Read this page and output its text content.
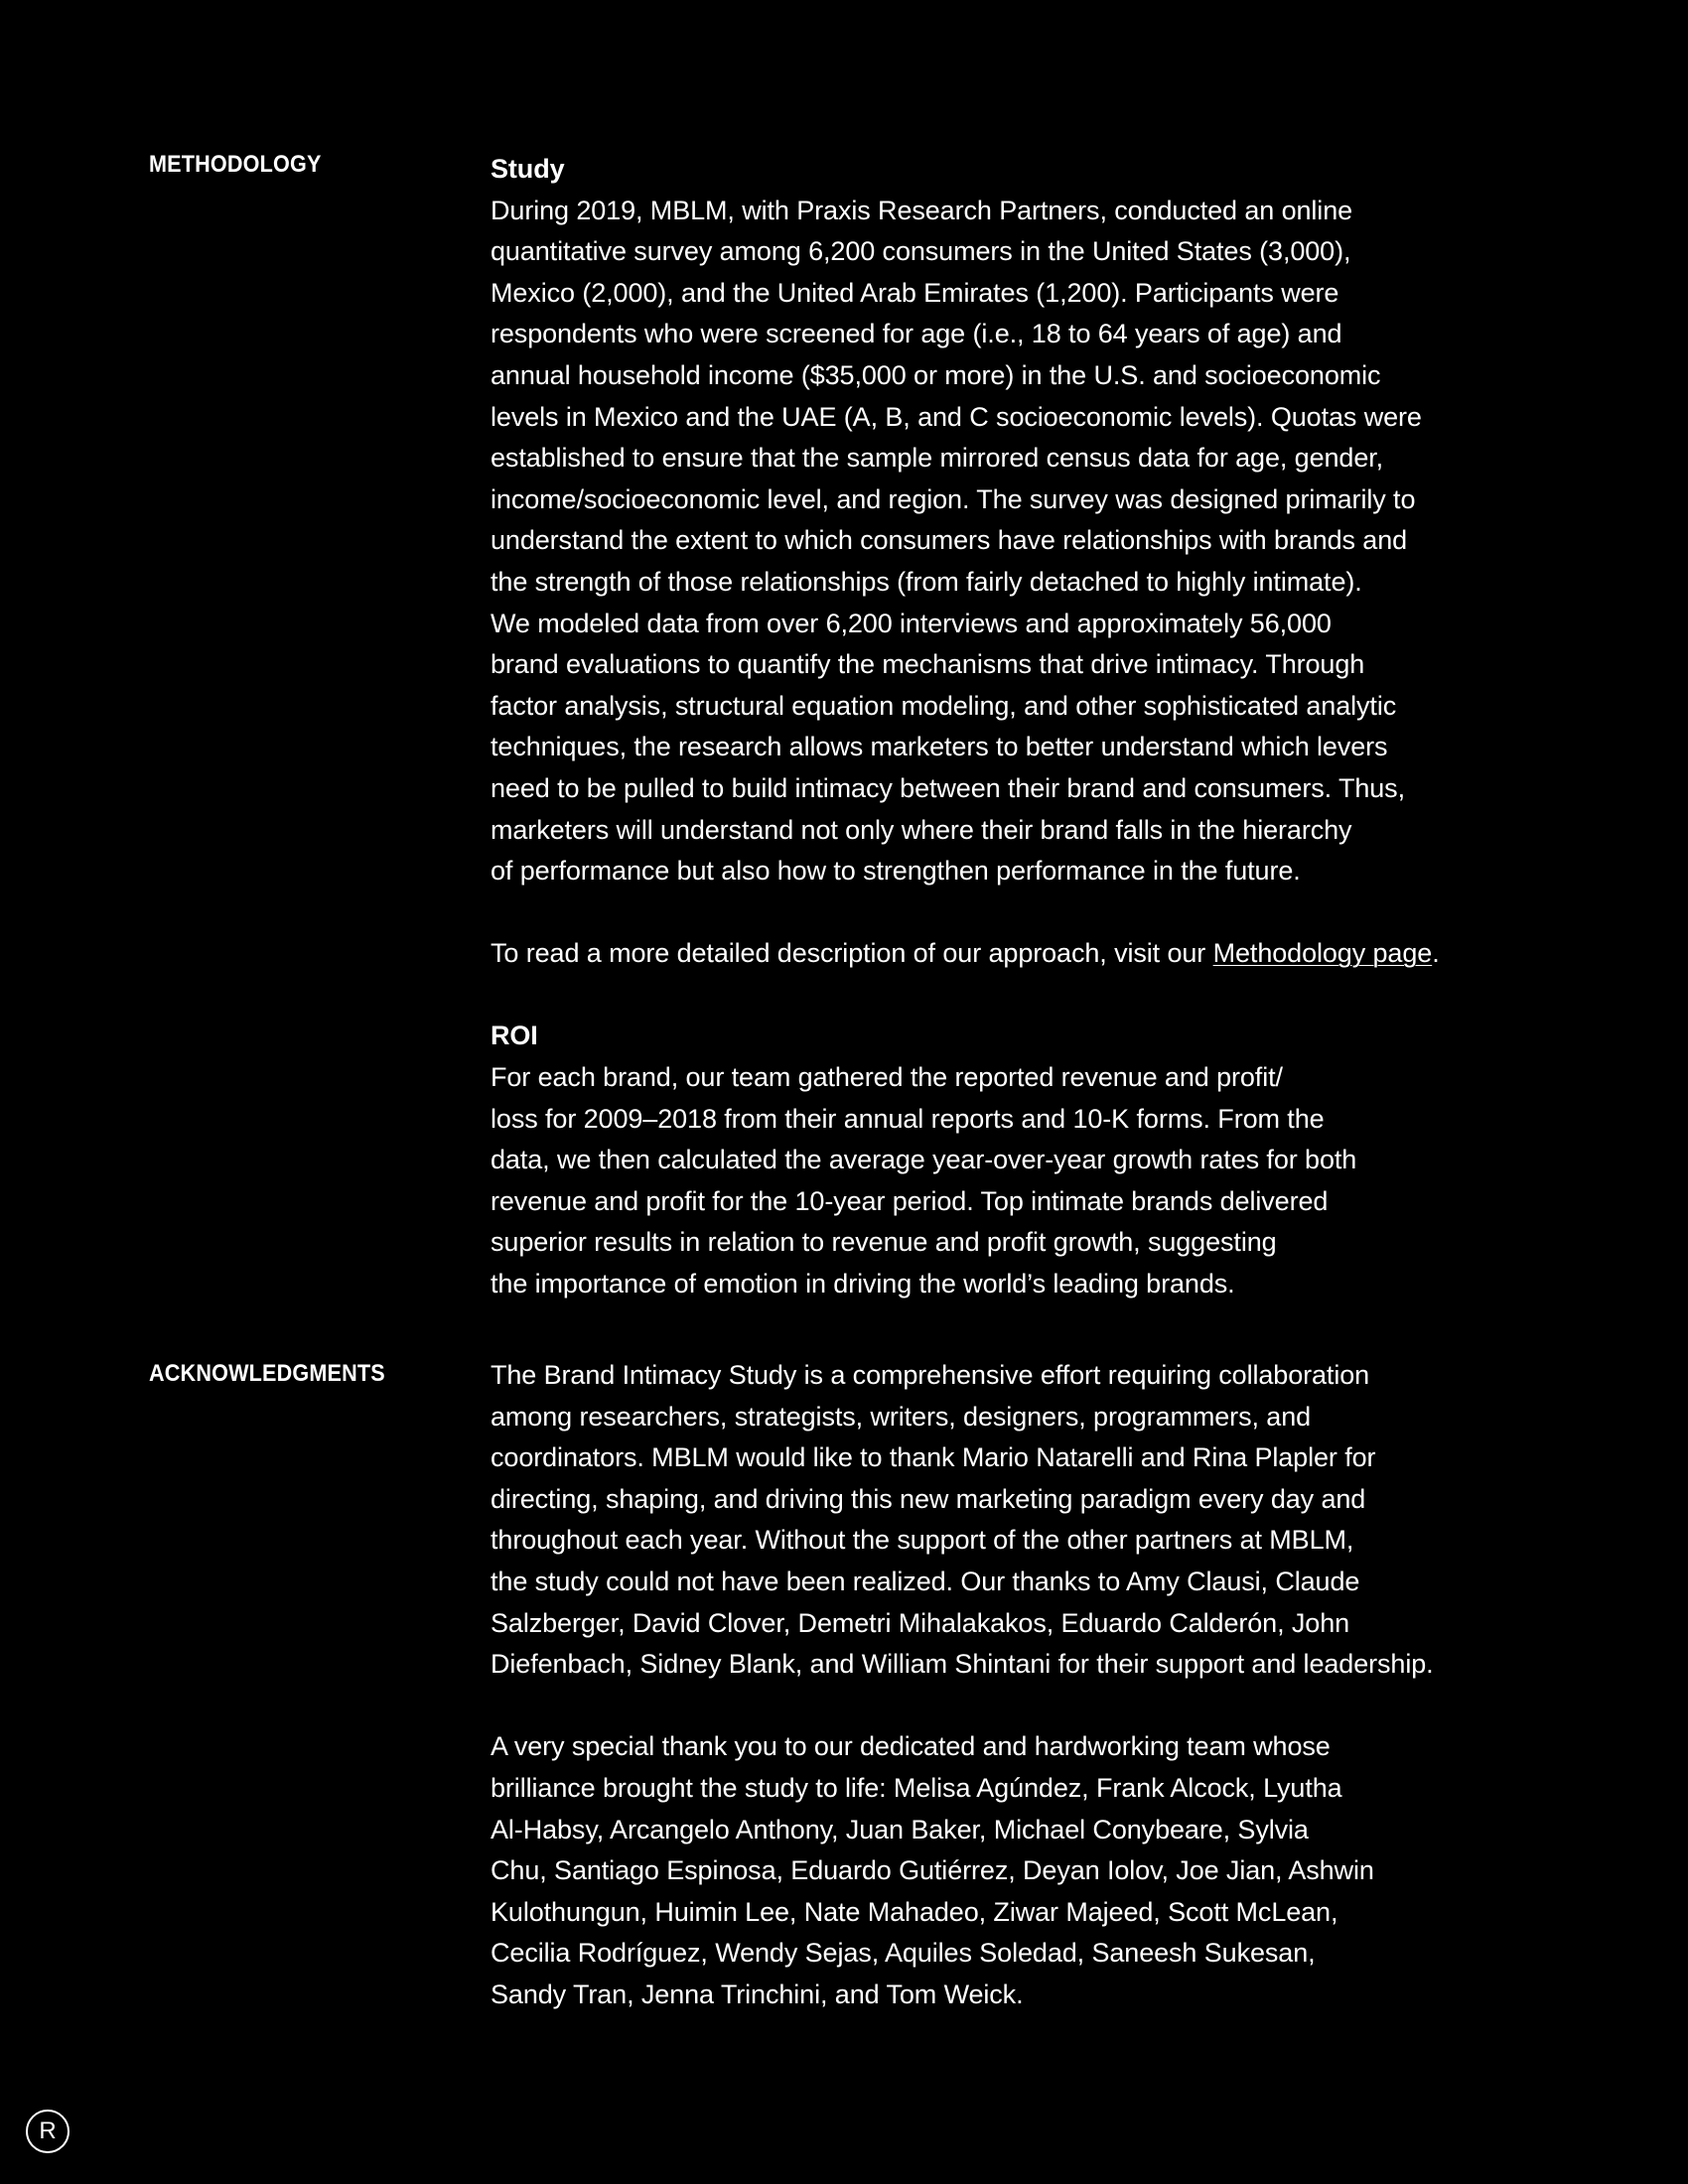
METHODOLOGY	Study

During 2019, MBLM, with Praxis Research Partners, conducted an online
quantitative survey among 6,200 consumers in the United States (3,000),
Mexico (2,000), and the United Arab Emirates (1,200). Participants were
respondents who were screened for age (i.e., 18 to 64 years of age) and
annual household income ($35,000 or more) in the U.S. and socioeconomic
levels in Mexico and the UAE (A, B, and C socioeconomic levels). Quotas were
established to ensure that the sample mirrored census data for age, gender,
income/socioeconomic level, and region. The survey was designed primarily to
understand the extent to which consumers have relationships with brands and
the strength of those relationships (from fairly detached to highly intimate).
We modeled data from over 6,200 interviews and approximately 56,000
brand evaluations to quantify the mechanisms that drive intimacy. Through
factor analysis, structural equation modeling, and other sophisticated analytic
techniques, the research allows marketers to better understand which levers
need to be pulled to build intimacy between their brand and consumers. Thus,
marketers will understand not only where their brand falls in the hierarchy
of performance but also how to strengthen performance in the future.

To read a more detailed description of our approach, visit our Methodology page.

ROI

For each brand, our team gathered the reported revenue and profit/
loss for 2009–2018 from their annual reports and 10-K forms. From the
data, we then calculated the average year-over-year growth rates for both
revenue and profit for the 10-year period. Top intimate brands delivered
superior results in relation to revenue and profit growth, suggesting
the importance of emotion in driving the world’s leading brands.

ACKNOWLEDGMENTS	The Brand Intimacy Study is a comprehensive effort requiring collaboration
among researchers, strategists, writers, designers, programmers, and
coordinators. MBLM would like to thank Mario Natarelli and Rina Plapler for
directing, shaping, and driving this new marketing paradigm every day and
throughout each year. Without the support of the other partners at MBLM,
the study could not have been realized. Our thanks to Amy Clausi, Claude
Salzberger, David Clover, Demetri Mihalakakos, Eduardo Calderón, John
Diefenbach, Sidney Blank, and William Shintani for their support and leadership.

A very special thank you to our dedicated and hardworking team whose
brilliance brought the study to life: Melisa Agúndez, Frank Alcock, Lyutha
Al-Habsy, Arcangelo Anthony, Juan Baker, Michael Conybeare, Sylvia
Chu, Santiago Espinosa, Eduardo Gutiérrez, Deyan Iolov, Joe Jian, Ashwin
Kulothungun, Huimin Lee, Nate Mahadeo, Ziwar Majeed, Scott McLean,
Cecilia Rodríguez, Wendy Sejas, Aquiles Soledad, Saneesh Sukesan,
Sandy Tran, Jenna Trinchini, and Tom Weick.

R
